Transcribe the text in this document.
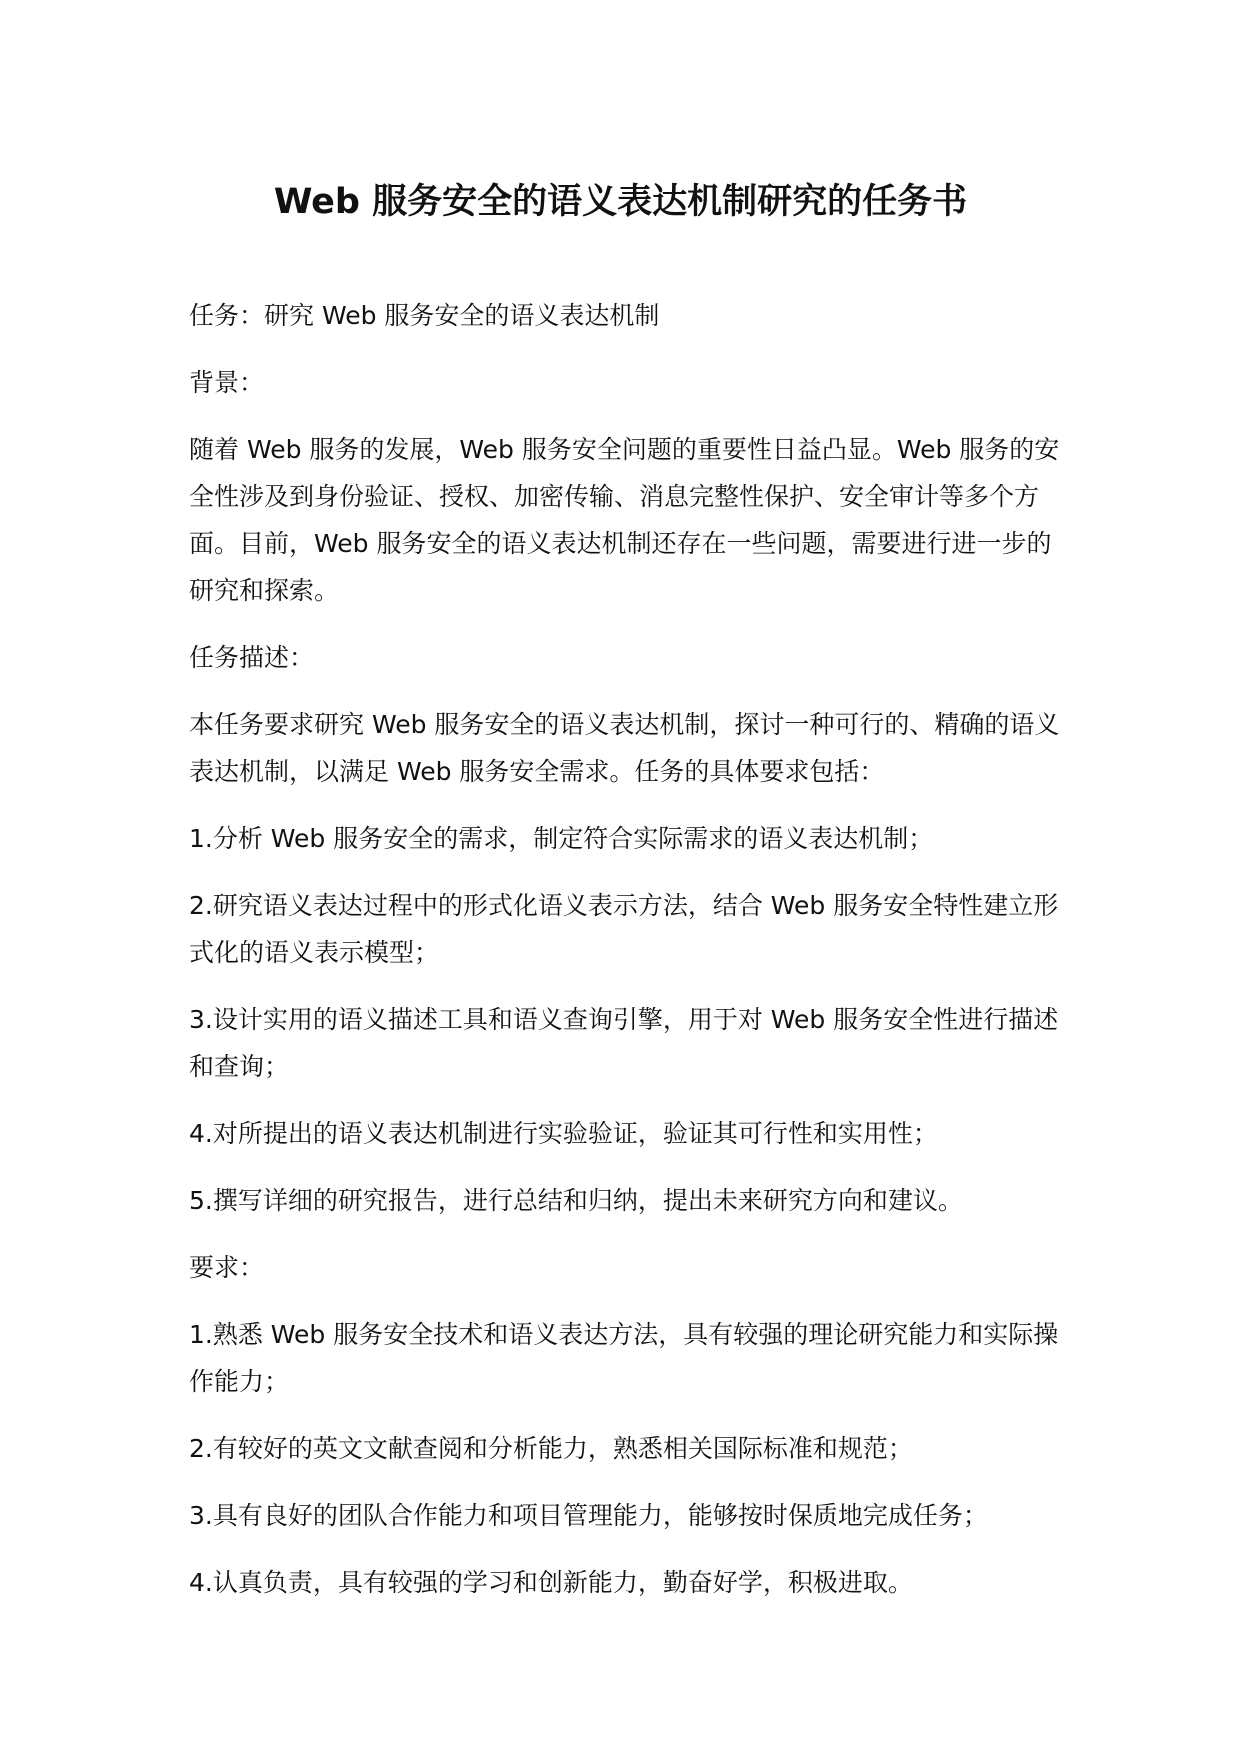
Web 服务安全的语义表达机制研究的任务书

任务：研究 Web 服务安全的语义表达机制

背景：

随着 Web 服务的发展，Web 服务安全问题的重要性日益凸显。Web 服务的安全性涉及到身份验证、授权、加密传输、消息完整性保护、安全审计等多个方面。目前，Web 服务安全的语义表达机制还存在一些问题，需要进行进一步的研究和探索。

任务描述：

本任务要求研究 Web 服务安全的语义表达机制，探讨一种可行的、精确的语义表达机制，以满足 Web 服务安全需求。任务的具体要求包括：

1.分析 Web 服务安全的需求，制定符合实际需求的语义表达机制；

2.研究语义表达过程中的形式化语义表示方法，结合 Web 服务安全特性建立形式化的语义表示模型；

3.设计实用的语义描述工具和语义查询引擎，用于对 Web 服务安全性进行描述和查询；

4.对所提出的语义表达机制进行实验验证，验证其可行性和实用性；

5.撰写详细的研究报告，进行总结和归纳，提出未来研究方向和建议。

要求：

1.熟悉 Web 服务安全技术和语义表达方法，具有较强的理论研究能力和实际操作能力；

2.有较好的英文文献查阅和分析能力，熟悉相关国际标准和规范；

3.具有良好的团队合作能力和项目管理能力，能够按时保质地完成任务；

4.认真负责，具有较强的学习和创新能力，勤奋好学，积极进取。
